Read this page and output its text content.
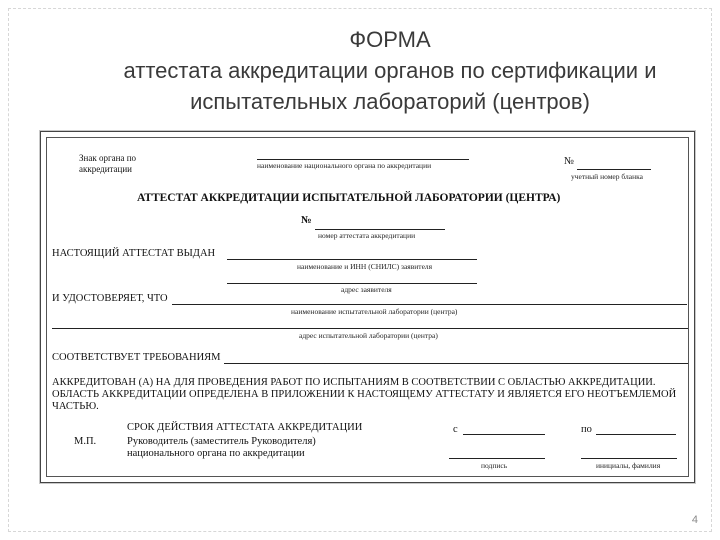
ФОРМА
аттестата аккредитации органов по сертификации и
испытательных лабораторий (центров)
Знак органа по
аккредитации	наименование национального органа по аккредитации	№
учетный номер бланка
АТТЕСТАТ АККРЕДИТАЦИИ ИСПЫТАТЕЛЬНОЙ ЛАБОРАТОРИИ (ЦЕНТРА)
№
номер аттестата аккредитации
НАСТОЯЩИЙ АТТЕСТАТ ВЫДАН
наименование и ИНН (СНИЛС) заявителя
адрес заявителя
И УДОСТОВЕРЯЕТ, ЧТО
наименование испытательной лаборатории (центра)
адрес испытательной лаборатории (центра)
СООТВЕТСТВУЕТ ТРЕБОВАНИЯМ
АККРЕДИТОВАН (А) НА ДЛЯ ПРОВЕДЕНИЯ РАБОТ ПО ИСПЫТАНИЯМ В СООТВЕТСТВИИ С ОБЛАСТЬЮ АККРЕДИТАЦИИ.
ОБЛАСТЬ АККРЕДИТАЦИИ ОПРЕДЕЛЕНА В ПРИЛОЖЕНИИ К НАСТОЯЩЕМУ АТТЕСТАТУ И ЯВЛЯЕТСЯ ЕГО НЕОТЪЕМЛЕМОЙ
ЧАСТЬЮ.
СРОК ДЕЙСТВИЯ АТТЕСТАТА АККРЕДИТАЦИИ	с	по
М.П.	Руководитель (заместитель Руководителя)
национального органа по аккредитации
подпись	инициалы, фамилия
4
